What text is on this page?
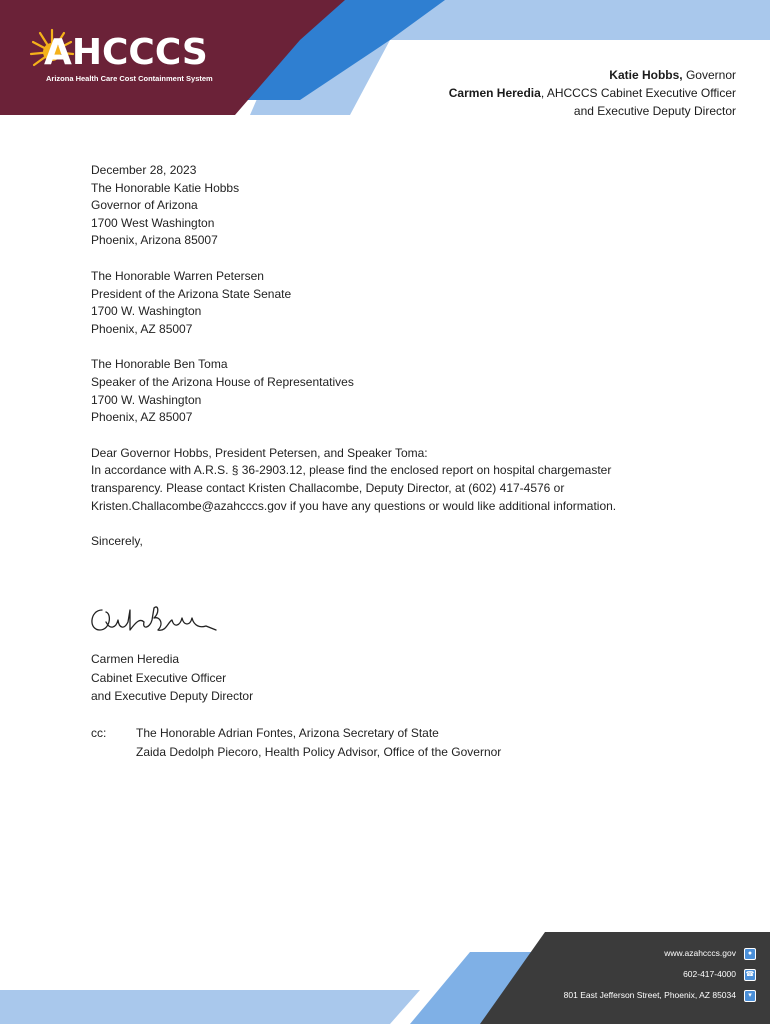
AHCCCS
Arizona Health Care Cost Containment System	Katie Hobbs, Governor
Carmen Heredia, AHCCCS Cabinet Executive Officer
and Executive Deputy Director

December 28, 2023

The Honorable Katie Hobbs

Governor of Arizona

1700 West Washington

Phoenix, Arizona 85007

The Honorable Warren Petersen

President of the Arizona State Senate

1700 W. Washington

Phoenix, AZ 85007

The Honorable Ben Toma

Speaker of the Arizona House of Representatives

1700 W. Washington

Phoenix, AZ 85007

Dear Governor Hobbs, President Petersen, and Speaker Toma:

In accordance with A.R.S. § 36-2903.12, please find the enclosed report on hospital chargemaster

transparency. Please contact Kristen Challacombe, Deputy Director, at (602) 417-4576 or

Kristen.Challacombe@azahcccs.gov if you have any questions or would like additional information.

Sincerely,

Carmen Heredia
Cabinet Executive Officer
and Executive Deputy Director
cc: The Honorable Adrian Fontes, Arizona Secretary of State
Zaida Dedolph Piecoro, Health Policy Advisor, Office of the Governor
www.azahcccs.gov	●
602-417-4000 ☎
801 East Jefferson Street, Phoenix, AZ 85034	▾
